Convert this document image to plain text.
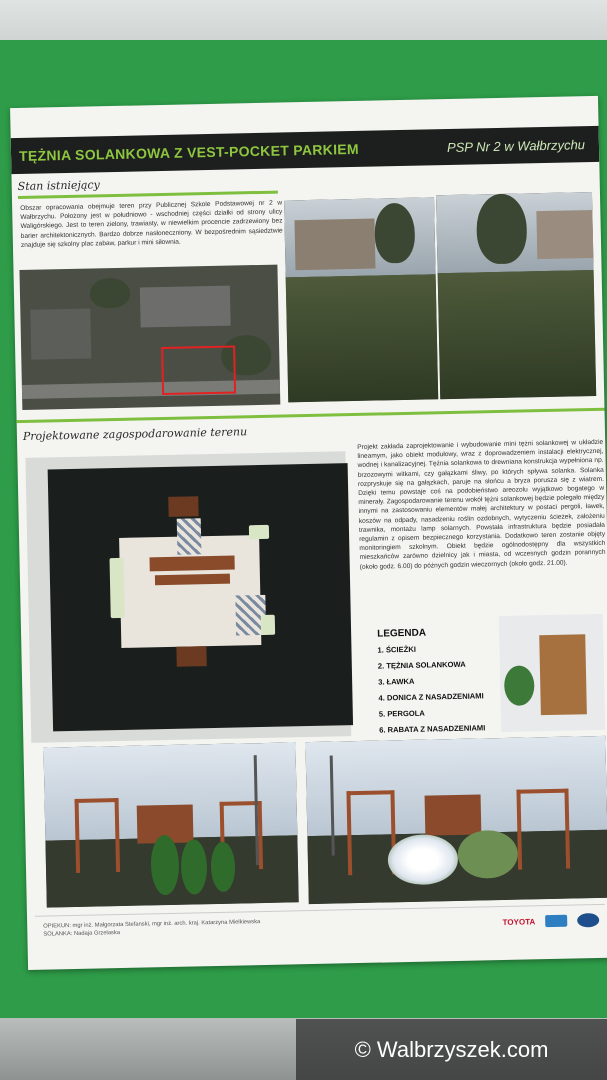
TĘŻNIA SOLANKOWA Z VEST-POCKET PARKIEM	PSP Nr 2 w Wałbrzychu
Stan istniejący
Obszar opracowania obejmuje teren przy Publicznej Szkole Podstawowej nr 2 w Wałbrzychu. Położony jest w południowo - wschodniej części działki od strony ulicy Waligórskiego. Jest to teren zielony, trawiasty, w niewielkim procencie zadrzewiony bez barier architektonicznych. Bardzo dobrze nasłoneczniony. W bezpośrednim sąsiedztwie znajduje się szkolny plac zabaw, parkur i mini siłownia.
Projektowane zagospodarowanie terenu
Projekt zakłada zaprojektowanie i wybudowanie mini tężni solankowej w układzie lineamym, jako obiekt modułowy, wraz z doprowadzeniem instalacji elektrycznej, wodnej i kanalizacyjnej. Tężnia solankowa to drewniana konstrukcja wypełniona np. brzozowymi witkami, czy gałązkami śliwy, po których spływa solanka. Solanka rozpryskuje się na gałązkach, paruje na słońcu a bryza porusza się z wiatrem. Dzięki temu powstaje coś na podobieństwo areozolu wyjątkowo bogatego w minerały. Zagospodarowanie terenu wokół tężni solankowej będzie polegało między innymi na zastosowaniu elementów małej architektury w postaci pergoli, ławek, koszów na odpady, nasadzeniu roślin ozdobnych, wytyczeniu ścieżek, założeniu trawnika, montażu lamp solarnych. Powstała infrastruktura będzie posiadała regulamin z opisem bezpiecznego korzystania. Dodatkowo teren zostanie objęty monitoringiem szkolnym. Obiekt będzie ogólnodostępny dla wszystkich mieszkańców zarówno dzielnicy jak i miasta, od wczesnych godzin porannych (około godz. 6.00) do późnych godzin wieczornych (około godz. 21.00).
LEGENDA
1. ŚCIEŻKI
2. TĘŻNIA SOLANKOWA
3. ŁAWKA
4. DONICA Z NASADZENIAMI
5. PERGOLA
6. RABATA Z NASADZENIAMI
OPIEKUN: mgr inż. Małgorzata Stefanski, mgr inż. arch. kraj. Katarzyna Mielkiewska
SOLANKA: Nadaja Grzelaska
TOYOTA
© Walbrzyszek.com
